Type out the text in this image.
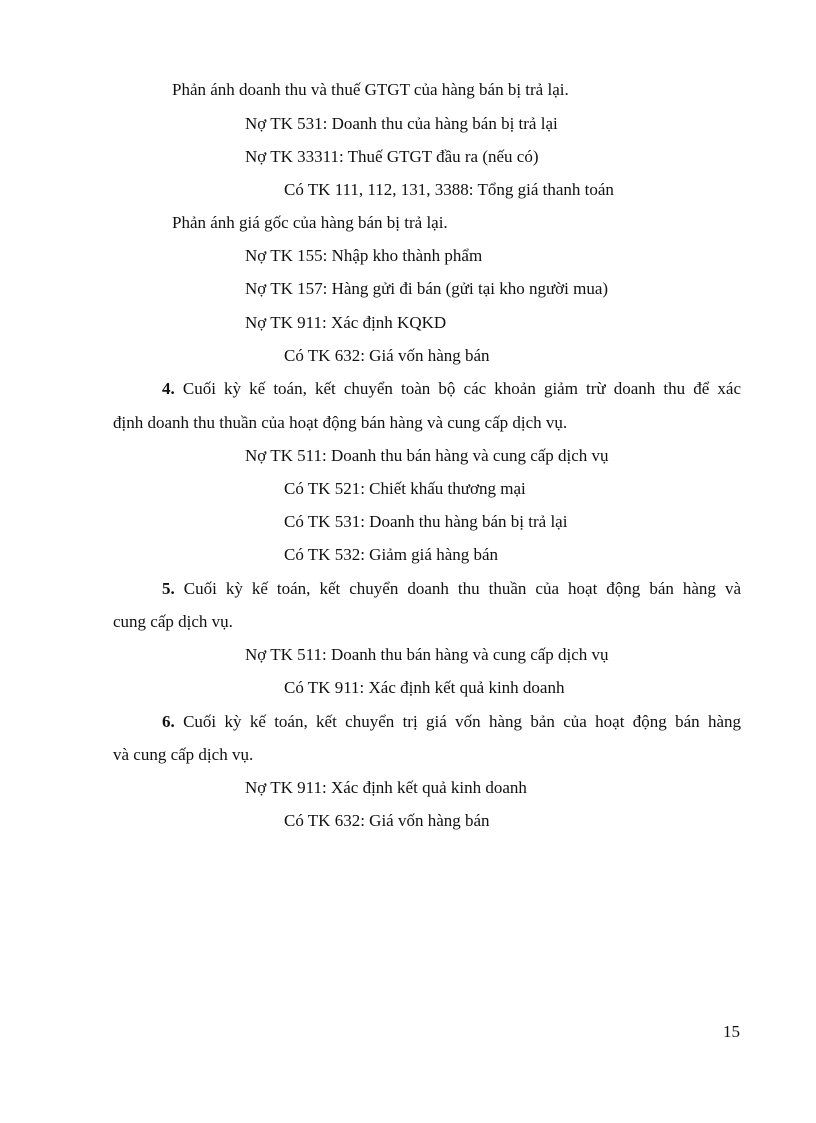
Phản ánh doanh thu và thuế GTGT của hàng bán bị trả lại.
Nợ TK 531: Doanh thu của hàng bán bị trả lại
Nợ TK 33311: Thuế GTGT đầu ra (nếu có)
Có TK 111, 112, 131, 3388: Tổng giá thanh toán
Phản ánh giá gốc của hàng bán bị trả lại.
Nợ TK 155: Nhập kho thành phẩm
Nợ TK 157: Hàng gửi đi bán (gửi tại kho người mua)
Nợ TK 911: Xác định KQKD
Có TK 632: Giá vốn hàng bán
4. Cuối kỳ kế toán, kết chuyển toàn bộ các khoản giảm trừ doanh thu để xác
định doanh thu thuần của hoạt động bán hàng và cung cấp dịch vụ.
Nợ TK 511: Doanh thu bán hàng và cung cấp dịch vụ
Có TK 521: Chiết khấu thương mại
Có TK 531: Doanh thu hàng bán bị trả lại
Có TK 532: Giảm giá hàng bán
5. Cuối kỳ kế toán, kết chuyển doanh thu thuần của hoạt động bán hàng và
cung cấp dịch vụ.
Nợ TK 511: Doanh thu bán hàng và cung cấp dịch vụ
Có TK 911: Xác định kết quả kinh doanh
6. Cuối kỳ kế toán, kết chuyển trị giá vốn hàng bản của hoạt động bán hàng
và cung cấp dịch vụ.
Nợ TK 911: Xác định kết quả kinh doanh
Có TK 632: Giá vốn hàng bán
15
